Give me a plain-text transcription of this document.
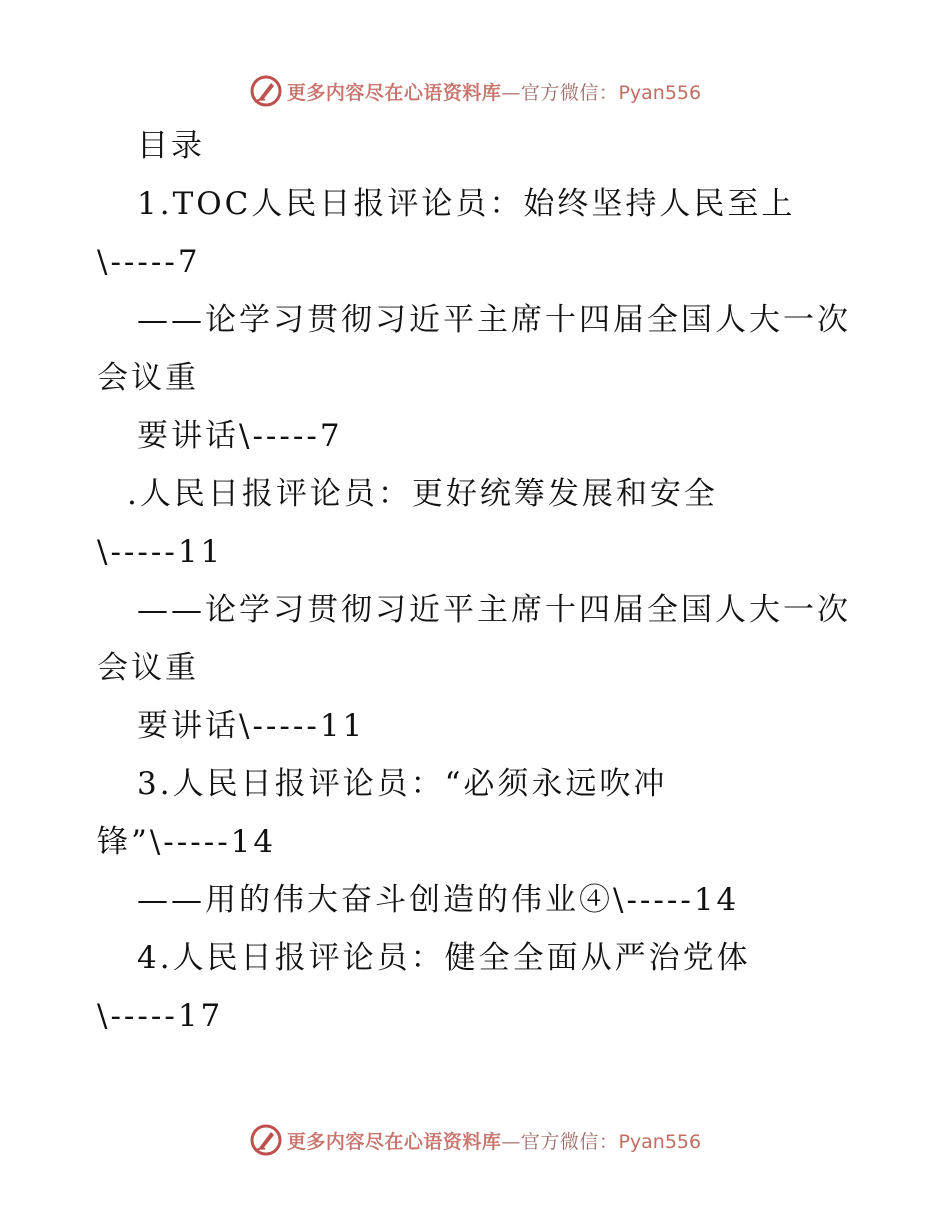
更多内容尽在心语资料库—官方微信：Pyan556
目录
1.TOC人民日报评论员：始终坚持人民至上
\-----7
——论学习贯彻习近平主席十四届全国人大一次
会议重
要讲话\-----7
.人民日报评论员：更好统筹发展和安全
\-----11
——论学习贯彻习近平主席十四届全国人大一次
会议重
要讲话\-----11
3.人民日报评论员：“必须永远吹冲
锋”\-----14
——用的伟大奋斗创造的伟业④\-----14
4.人民日报评论员：健全全面从严治党体
\-----17
更多内容尽在心语资料库—官方微信：Pyan556
